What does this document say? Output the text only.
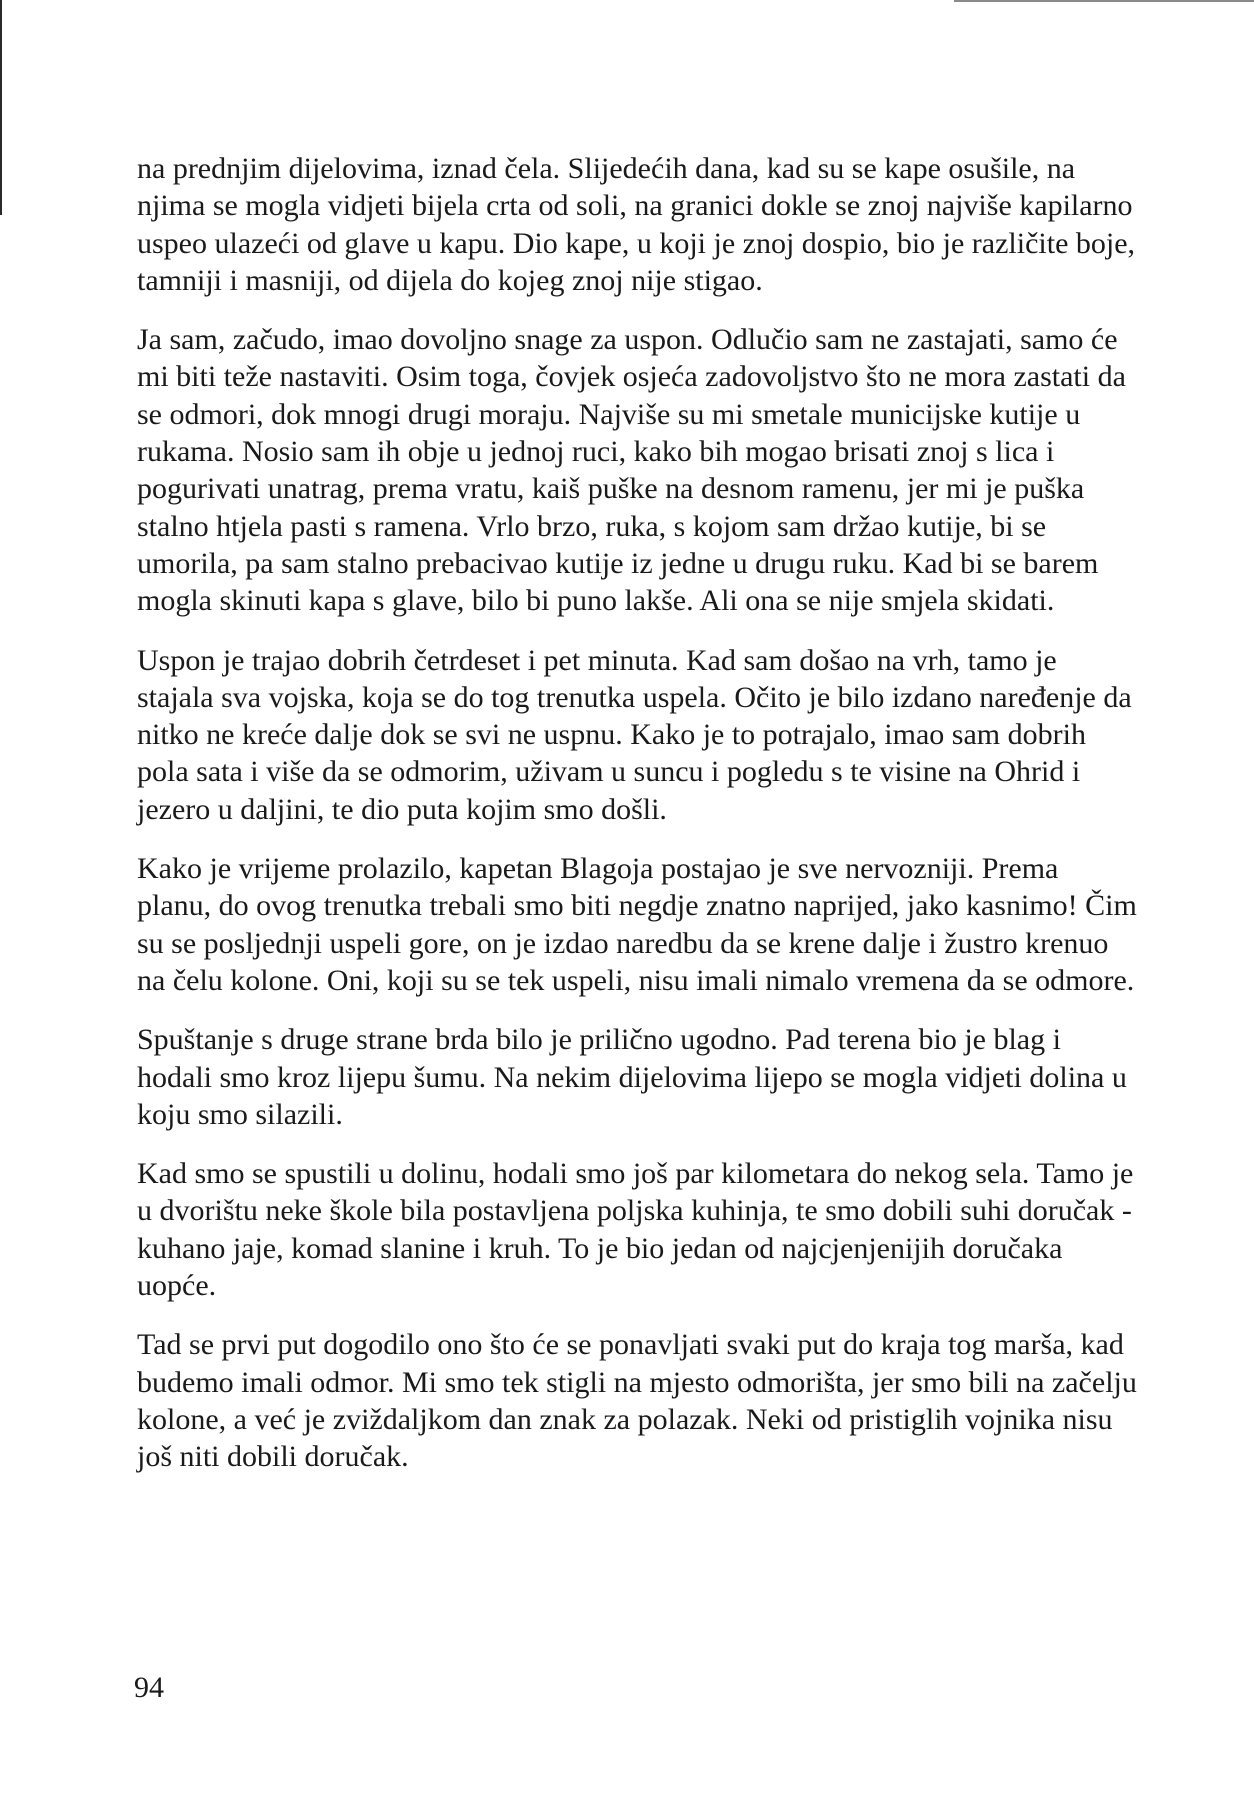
na prednjim dijelovima, iznad čela. Slijedećih dana, kad su se kape osušile, na njima se mogla vidjeti bijela crta od soli, na granici dokle se znoj najviše kapilarno uspeo ulazeći od glave u kapu. Dio kape, u koji je znoj dospio, bio je različite boje, tamniji i masniji, od dijela do kojeg znoj nije stigao.

Ja sam, začudo, imao dovoljno snage za uspon. Odlučio sam ne zastajati, samo će mi biti teže nastaviti. Osim toga, čovjek osjeća zadovoljstvo što ne mora zastati da se odmori, dok mnogi drugi moraju. Najviše su mi smetale municijske kutije u rukama. Nosio sam ih obje u jednoj ruci, kako bih mogao brisati znoj s lica i pogurivati unatrag, prema vratu, kaiš puške na desnom ramenu, jer mi je puška stalno htjela pasti s ramena. Vrlo brzo, ruka, s kojom sam držao kutije, bi se umorila, pa sam stalno prebacivao kutije iz jedne u drugu ruku. Kad bi se barem mogla skinuti kapa s glave, bilo bi puno lakše. Ali ona se nije smjela skidati.

Uspon je trajao dobrih četrdeset i pet minuta. Kad sam došao na vrh, tamo je stajala sva vojska, koja se do tog trenutka uspela. Očito je bilo izdano naređenje da nitko ne kreće dalje dok se svi ne uspnu. Kako je to potrajalo, imao sam dobrih pola sata i više da se odmorim, uživam u suncu i pogledu s te visine na Ohrid i jezero u daljini, te dio puta kojim smo došli.

Kako je vrijeme prolazilo, kapetan Blagoja postajao je sve nervozniji. Prema planu, do ovog trenutka trebali smo biti negdje znatno naprijed, jako kasnimo! Čim su se posljednji uspeli gore, on je izdao naredbu da se krene dalje i žustro krenuo na čelu kolone. Oni, koji su se tek uspeli, nisu imali nimalo vremena da se odmore.

Spuštanje s druge strane brda bilo je prilično ugodno. Pad terena bio je blag i hodali smo kroz lijepu šumu. Na nekim dijelovima lijepo se mogla vidjeti dolina u koju smo silazili.

Kad smo se spustili u dolinu, hodali smo još par kilometara do nekog sela. Tamo je u dvorištu neke škole bila postavljena poljska kuhinja, te smo dobili suhi doručak - kuhano jaje, komad slanine i kruh. To je bio jedan od najcjenjenijih doručaka uopće.

Tad se prvi put dogodilo ono što će se ponavljati svaki put do kraja tog marša, kad budemo imali odmor. Mi smo tek stigli na mjesto odmorišta, jer smo bili na začelju kolone, a već je zviždaljkom dan znak za polazak. Neki od pristiglih vojnika nisu još niti dobili doručak.

94
